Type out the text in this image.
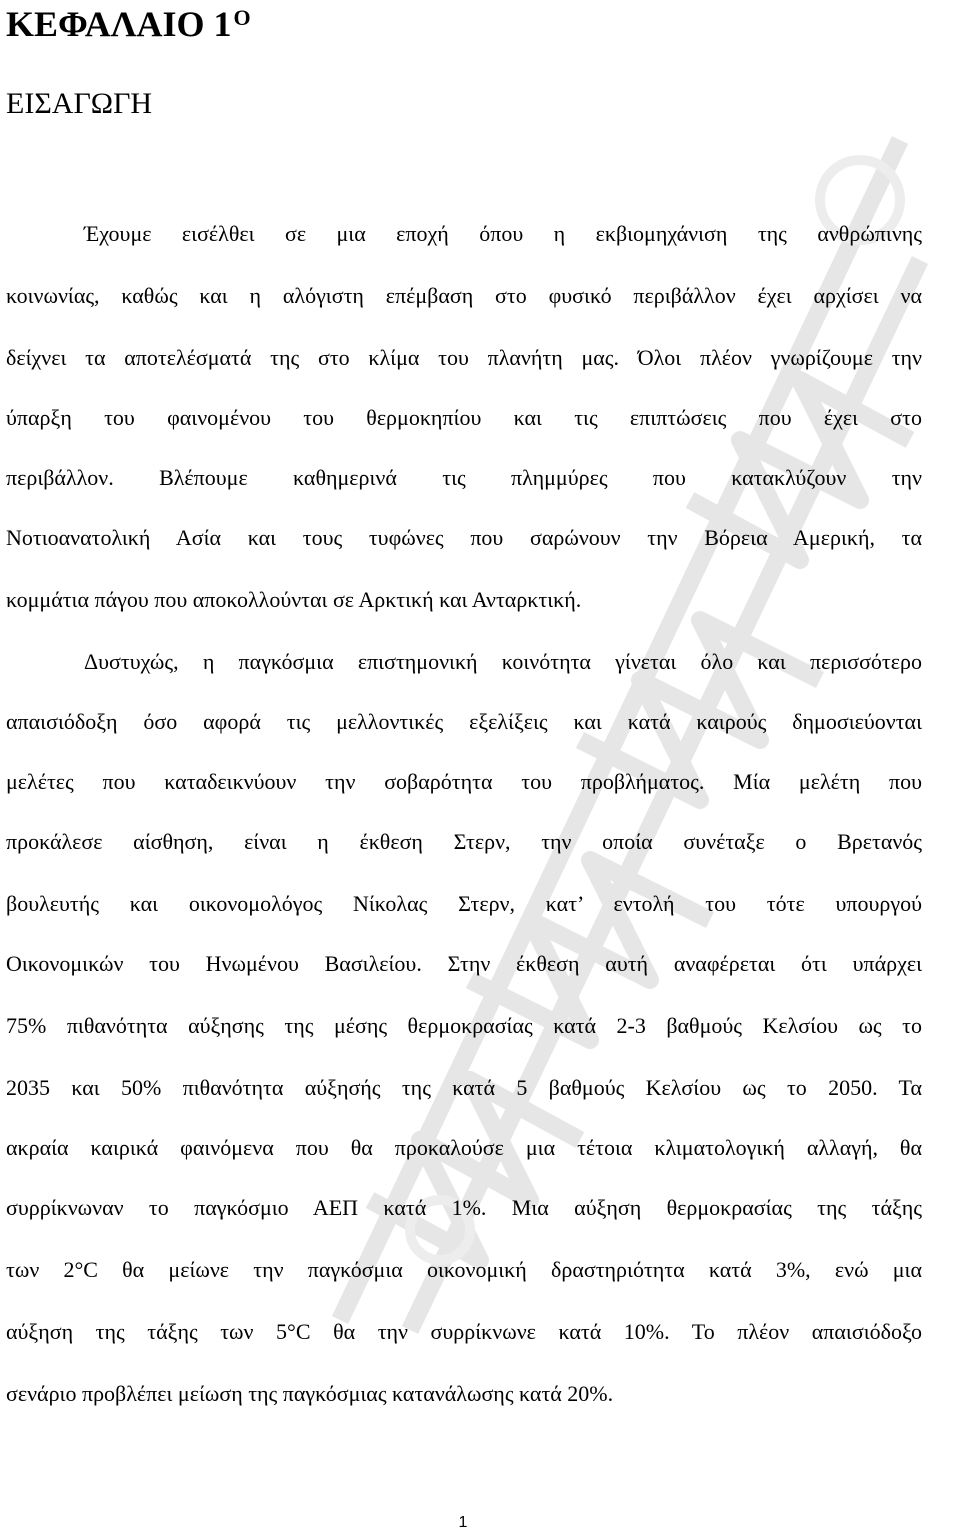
ΚΕΦΑΛΑΙΟ $1^O$
ΕΙΣΑΓΩΓΗ

Έχουμε εισέλθει σε μια εποχή όπου η εκβιομηχάνιση της ανθρώπινης

κοινωνίας, καθώς και η αλόγιστη επέμβαση στο φυσικό περιβάλλον έχει αρχίσει να

δείχνει τα αποτελέσματά της στο κλίμα του πλανήτη μας. Όλοι πλέον γνωρίζουμε την

ύπαρξη του φαινομένου του θερμοκηπίου και τις επιπτώσεις που έχει στο

περιβάλλον. Βλέπουμε καθημερινά τις πλημμύρες που κατακλύζουν την

Νοτιοανατολική Ασία και τους τυφώνες που σαρώνουν την Βόρεια Αμερική, τα

κομμάτια πάγου που αποκολλούνται σε Αρκτική και Ανταρκτική.

Δυστυχώς, η παγκόσμια επιστημονική κοινότητα γίνεται όλο και περισσότερο

απαισιόδοξη όσο αφορά τις μελλοντικές εξελίξεις και κατά καιρούς δημοσιεύονται

μελέτες που καταδεικνύουν την σοβαρότητα του προβλήματος. Μία μελέτη που

προκάλεσε αίσθηση, είναι η έκθεση Στερν, την οποία συνέταξε ο Βρετανός

βουλευτής και οικονομολόγος Νίκολας Στερν, κατ’ εντολή του τότε υπουργού

Οικονομικών του Ηνωμένου Βασιλείου. Στην έκθεση αυτή αναφέρεται ότι υπάρχει

75% πιθανότητα αύξησης της μέσης θερμοκρασίας κατά 2-3 βαθμούς Κελσίου ως το

2035 και 50% πιθανότητα αύξησής της κατά 5 βαθμούς Κελσίου ως το 2050. Τα

ακραία καιρικά φαινόμενα που θα προκαλούσε μια τέτοια κλιματολογική αλλαγή, θα

συρρίκνωναν το παγκόσμιο ΑΕΠ κατά 1%. Μια αύξηση θερμοκρασίας της τάξης

των 2°C θα μείωνε την παγκόσμια οικονομική δραστηριότητα κατά 3%, ενώ μια

αύξηση της τάξης των 5°C θα την συρρίκνωνε κατά 10%. Το πλέον απαισιόδοξο

σενάριο προβλέπει μείωση της παγκόσμιας κατανάλωσης κατά 20%.

1
